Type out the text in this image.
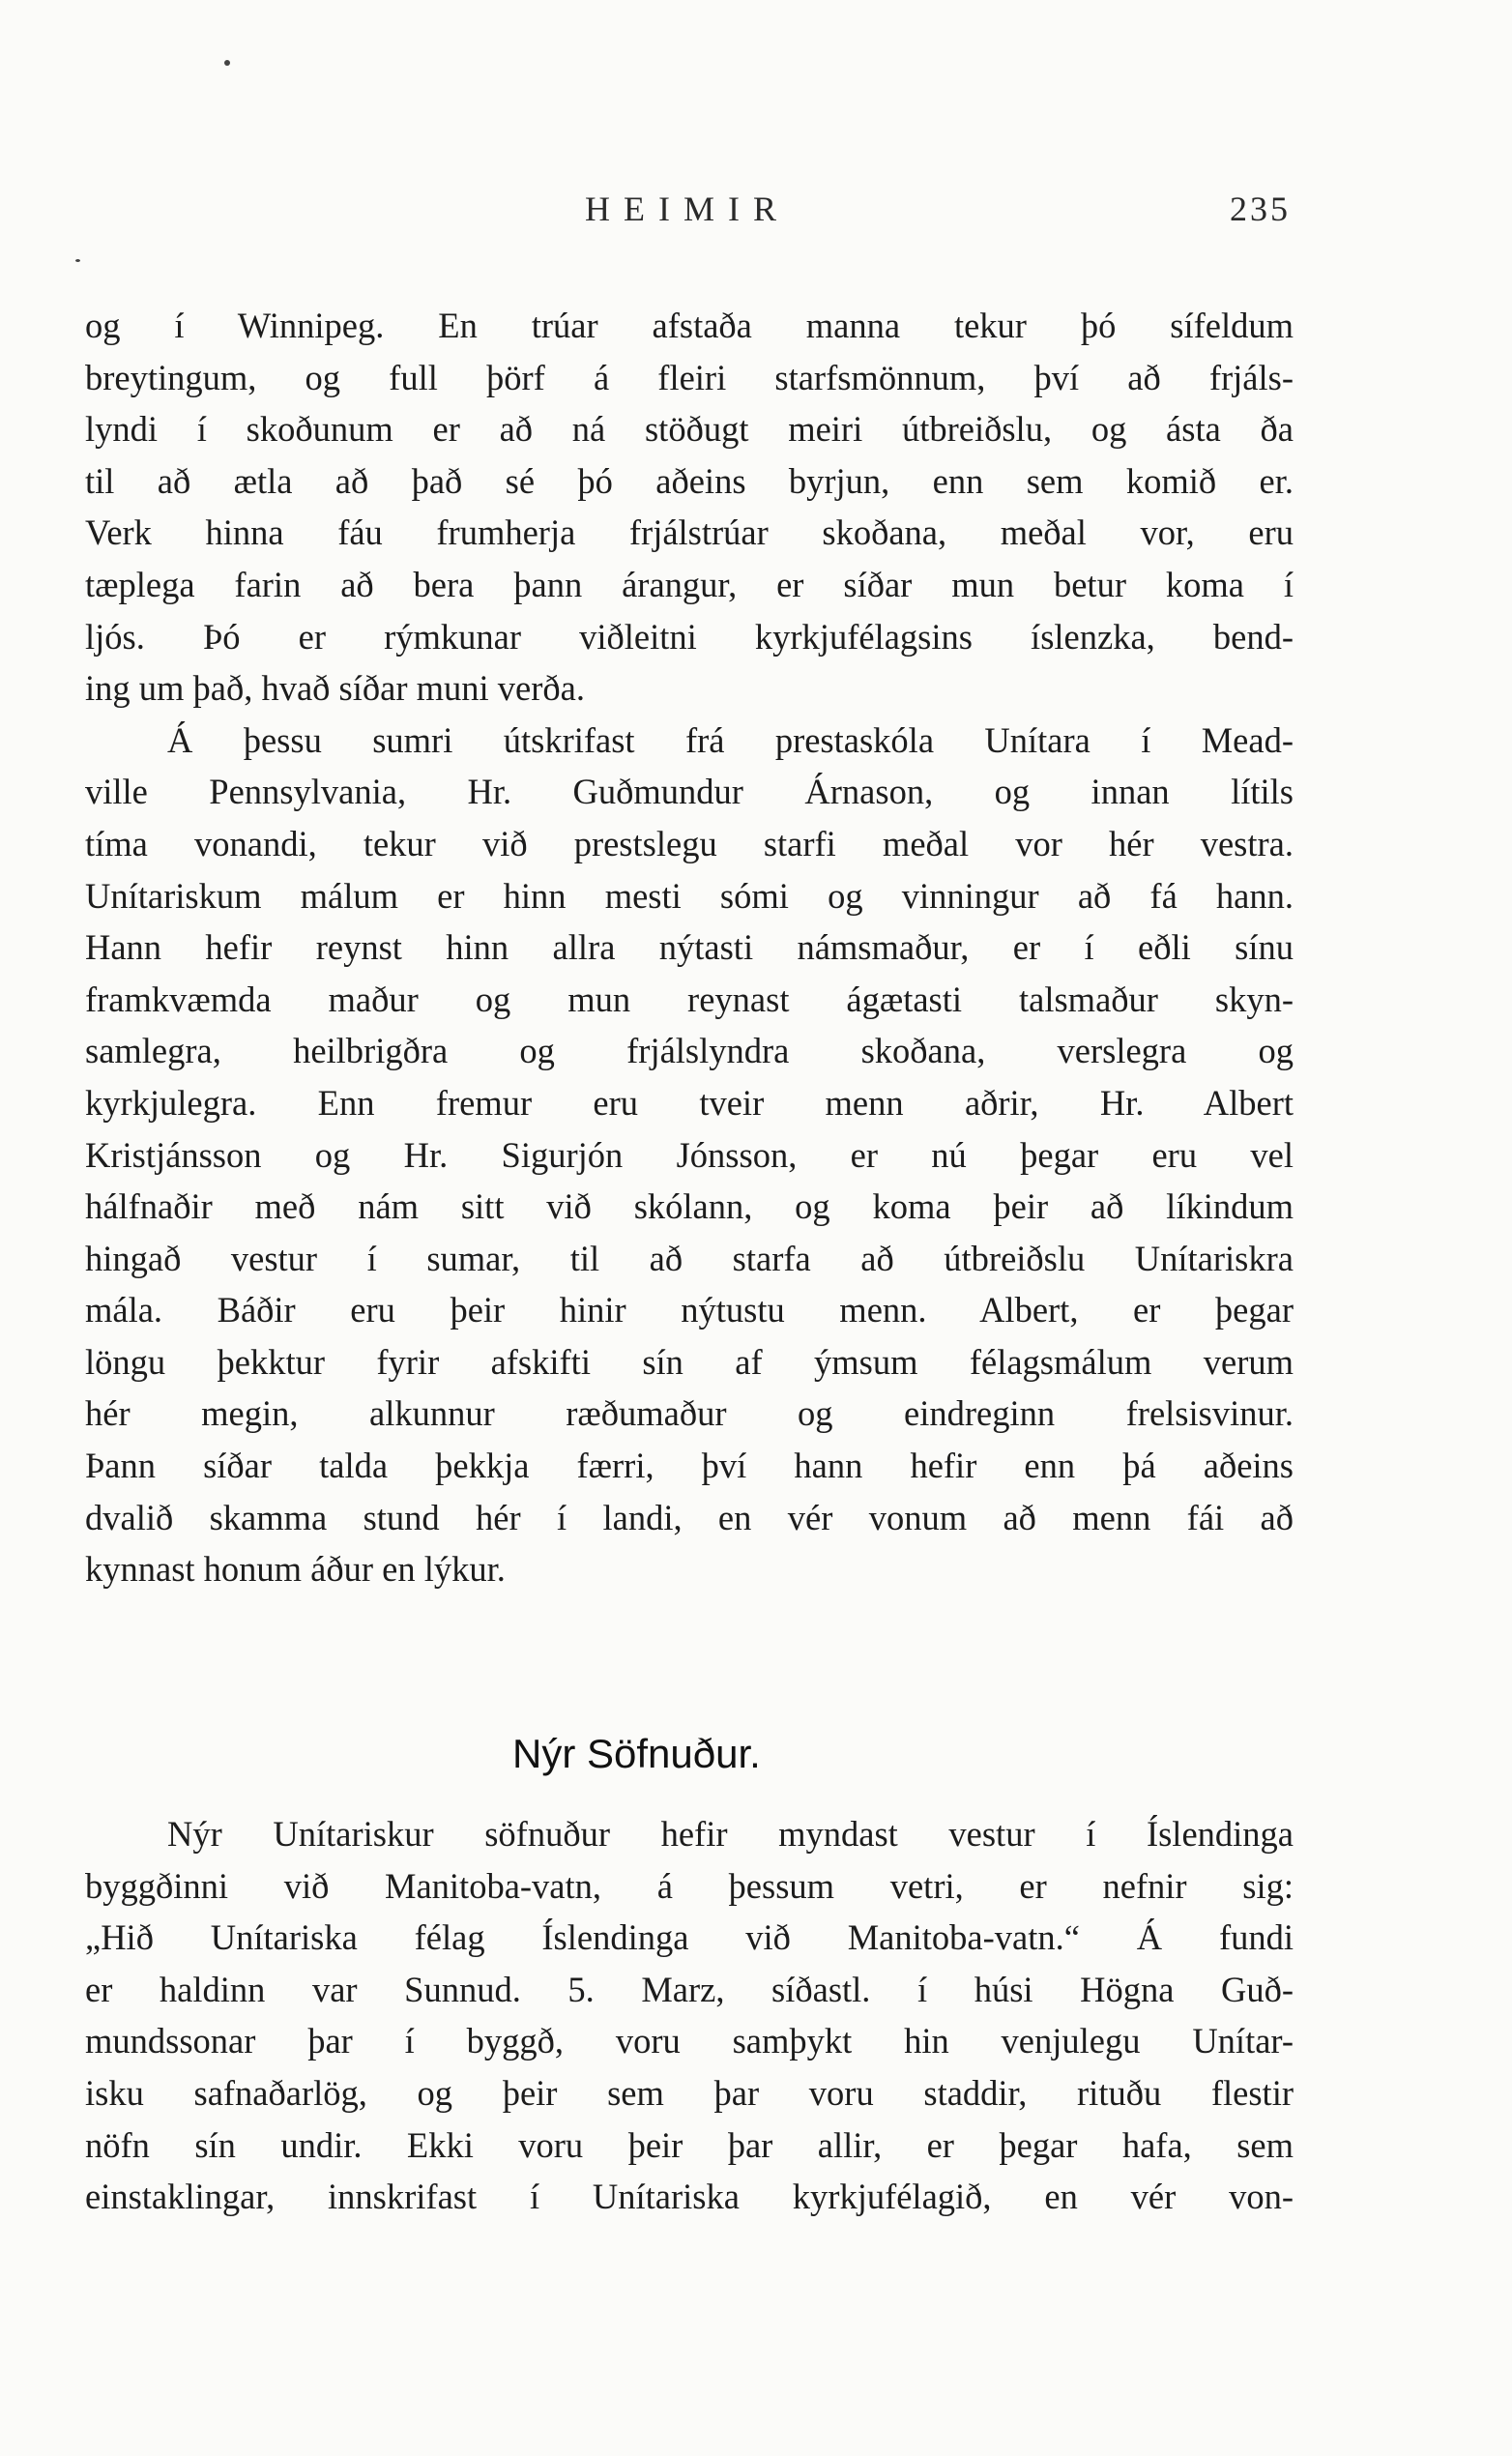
HEIMIR	235
og í Winnipeg. En trúar afstaða manna tekur þó sífeldum
breytingum, og full þörf á fleiri starfsmönnum, því að frjáls-
lyndi í skoðunum er að ná stöðugt meiri útbreiðslu, og ásta ða
til að ætla að það sé þó aðeins byrjun, enn sem komið er.
Verk hinna fáu frumherja frjálstrúar skoðana, meðal vor, eru
tæplega farin að bera þann árangur, er síðar mun betur koma í
ljós. Þó er rýmkunar viðleitni kyrkjufélagsins íslenzka, bend-
ing um það, hvað síðar muni verða.
Á þessu sumri útskrifast frá prestaskóla Unítara í Mead-
ville Pennsylvania, Hr. Guðmundur Árnason, og innan lítils
tíma vonandi, tekur við prestslegu starfi meðal vor hér vestra.
Unítariskum málum er hinn mesti sómi og vinningur að fá hann.
Hann hefir reynst hinn allra nýtasti námsmaður, er í eðli sínu
framkvæmda maður og mun reynast ágætasti talsmaður skyn-
samlegra, heilbrigðra og frjálslyndra skoðana, verslegra og
kyrkjulegra. Enn fremur eru tveir menn aðrir, Hr. Albert
Kristjánsson og Hr. Sigurjón Jónsson, er nú þegar eru vel
hálfnaðir með nám sitt við skólann, og koma þeir að líkindum
hingað vestur í sumar, til að starfa að útbreiðslu Unítariskra
mála. Báðir eru þeir hinir nýtustu menn. Albert, er þegar
löngu þekktur fyrir afskifti sín af ýmsum félagsmálum verum
hér megin, alkunnur ræðumaður og eindreginn frelsisvinur.
Þann síðar talda þekkja færri, því hann hefir enn þá aðeins
dvalið skamma stund hér í landi, en vér vonum að menn fái að
kynnast honum áður en lýkur.
Nýr Söfnuður.
Nýr Unítariskur söfnuður hefir myndast vestur í Íslendinga
byggðinni við Manitoba-vatn, á þessum vetri, er nefnir sig:
„Hið Unítariska félag Íslendinga við Manitoba-vatn.“ Á fundi
er haldinn var Sunnud. 5. Marz, síðastl. í húsi Högna Guð-
mundssonar þar í byggð, voru samþykt hin venjulegu Unítar-
isku safnaðarlög, og þeir sem þar voru staddir, rituðu flestir
nöfn sín undir. Ekki voru þeir þar allir, er þegar hafa, sem
einstaklingar, innskrifast í Unítariska kyrkjufélagið, en vér von-
